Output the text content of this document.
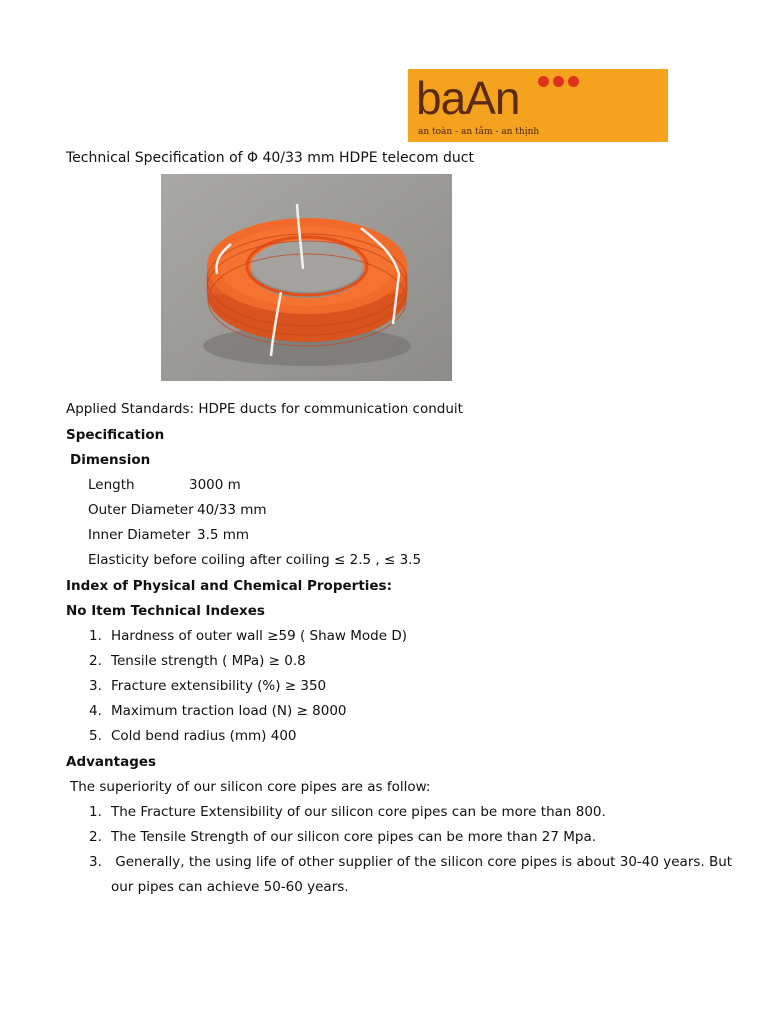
baAn
an toàn - an tâm - an thịnh
Technical Specification of Φ 40/33 mm HDPE telecom duct

Applied Standards: HDPE ducts for communication conduit

Specification

Dimension

Length	3000 m

Outer Diameter 40/33 mm

Inner Diameter 3.5 mm

Elasticity before coiling after coiling ≤ 2.5 , ≤ 3.5

Index of Physical and Chemical Properties:

No Item Technical Indexes

1. Hardness of outer wall ≥59 ( Shaw Mode D)

2. Tensile strength ( MPa) ≥ 0.8

3. Fracture extensibility (%) ≥ 350

4. Maximum traction load (N) ≥ 8000

5. Cold bend radius (mm) 400

Advantages

The superiority of our silicon core pipes are as follow:

1. The Fracture Extensibility of our silicon core pipes can be more than 800.

2. The Tensile Strength of our silicon core pipes can be more than 27 Mpa.

3. Generally, the using life of other supplier of the silicon core pipes is about 30-40 years. But

our pipes can achieve 50-60 years.
